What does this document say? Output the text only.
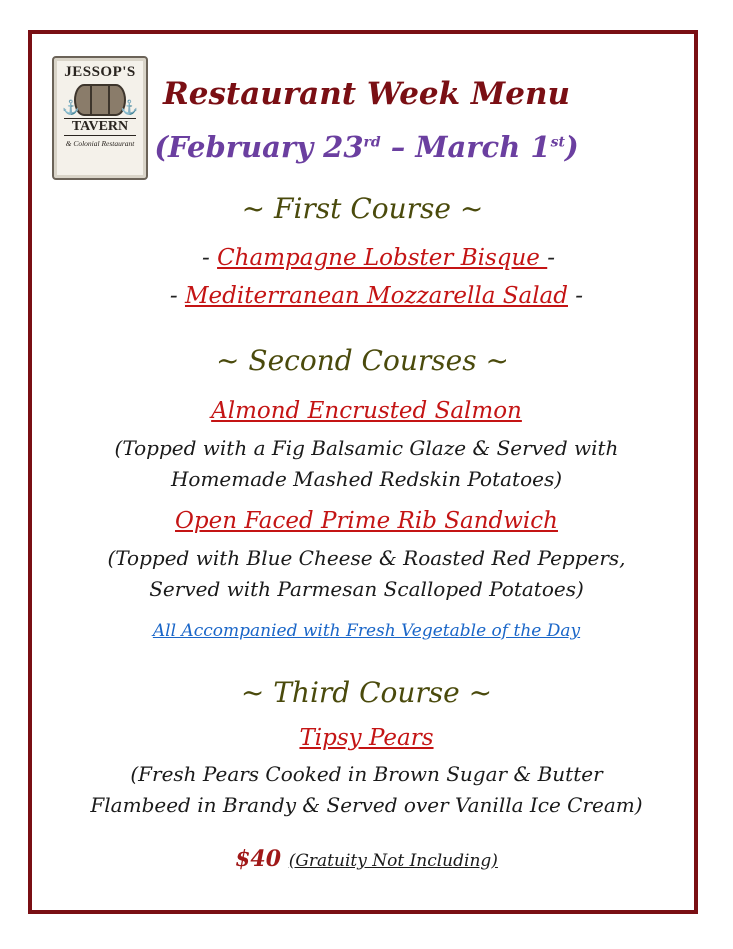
JESSOP'S
⚓	⚓
TAVERN
& Colonial Restaurant
Restaurant Week Menu
(February 23rd – March 1st)
~ First Course ~
- Champagne Lobster Bisque -
- Mediterranean Mozzarella Salad -
~ Second Courses ~
Almond Encrusted Salmon
(Topped with a Fig Balsamic Glaze & Served with
Homemade Mashed Redskin Potatoes)
Open Faced Prime Rib Sandwich
(Topped with Blue Cheese & Roasted Red Peppers,
Served with Parmesan Scalloped Potatoes)
All Accompanied with Fresh Vegetable of the Day
~ Third Course ~
Tipsy Pears
(Fresh Pears Cooked in Brown Sugar & Butter
Flambeed in Brandy & Served over Vanilla Ice Cream)
$40 (Gratuity Not Including)
